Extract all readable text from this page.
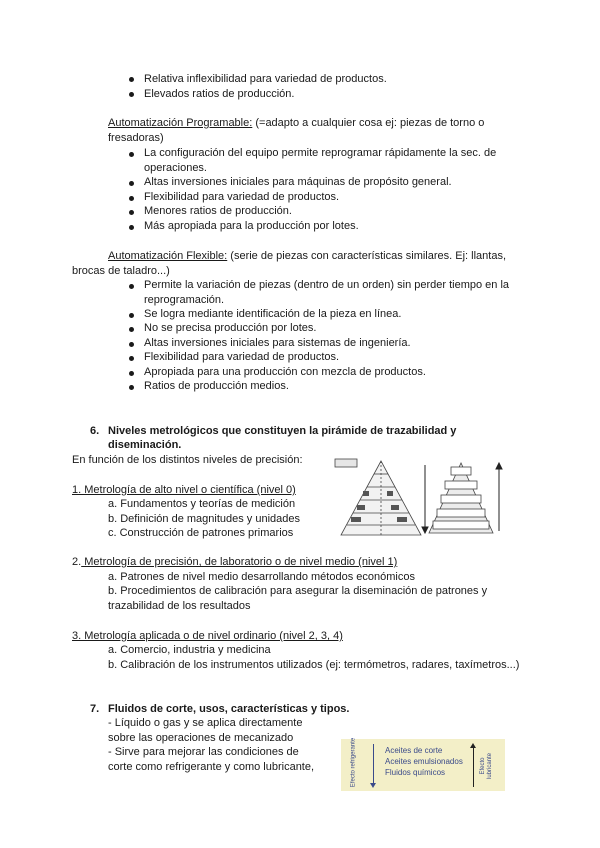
Relativa inflexibilidad para variedad de productos.
Elevados ratios de producción.
Automatización Programable: (=adapto a cualquier cosa ej: piezas de torno o
fresadoras)
La configuración del equipo permite reprogramar rápidamente la sec. de
operaciones.
Altas inversiones iniciales para máquinas de propósito general.
Flexibilidad para variedad de productos.
Menores ratios de producción.
Más apropiada para la producción por lotes.
Automatización Flexible: (serie de piezas con características similares. Ej: llantas,
brocas de taladro...)
Permite la variación de piezas (dentro de un orden) sin perder tiempo en la
reprogramación.
Se logra mediante identificación de la pieza en línea.
No se precisa producción por lotes.
Altas inversiones iniciales para sistemas de ingeniería.
Flexibilidad para variedad de productos.
Apropiada para una producción con mezcla de productos.
Ratios de producción medios.
6. Niveles metrológicos que constituyen la pirámide de trazabilidad y
diseminación.
En función de los distintos niveles de precisión:
1. Metrología de alto nivel o científica (nivel 0)
a. Fundamentos y teorías de medición
b. Definición de magnitudes y unidades
c. Construcción de patrones primarios
2. Metrología de precisión, de laboratorio o de nivel medio (nivel 1)
a. Patrones de nivel medio desarrollando métodos económicos
b. Procedimientos de calibración para asegurar la diseminación de patrones y
trazabilidad de los resultados
3. Metrología aplicada o de nivel ordinario (nivel 2, 3, 4)
a. Comercio, industria y medicina
b. Calibración de los instrumentos utilizados (ej: termómetros, radares, taxímetros...)
7. Fluidos de corte, usos, características y tipos.
- Líquido o gas y se aplica directamente
sobre las operaciones de mecanizado
- Sirve para mejorar las condiciones de
corte como refrigerante y como lubricante,	Efecto refrigerante	Aceites de corte
Aceites emulsionados
Fluidos químicos	Efecto lubricante
